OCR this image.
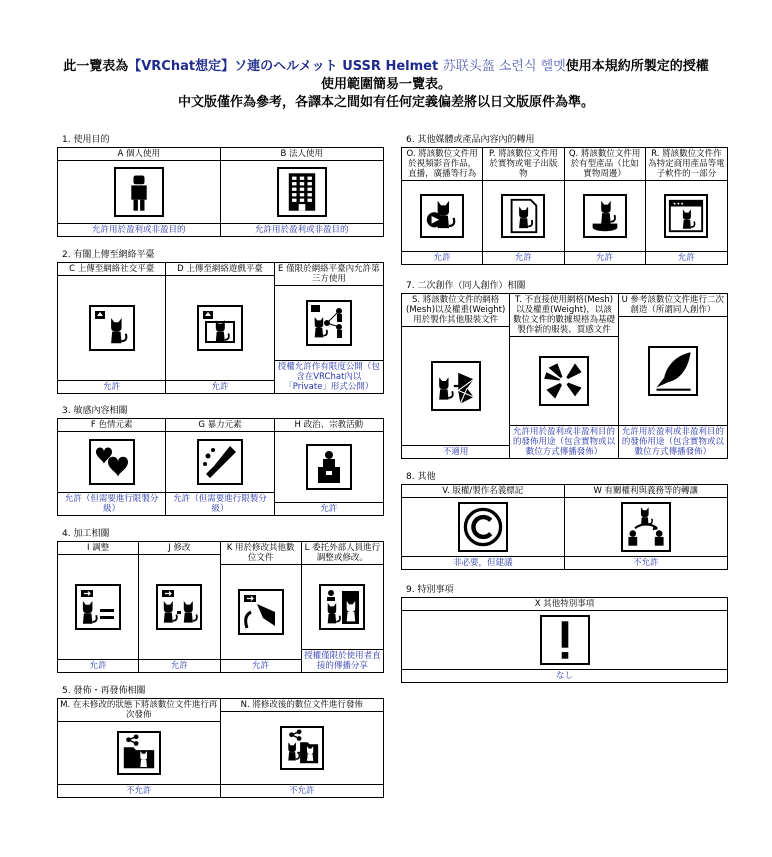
此一覽表為【VRChat想定】ソ連のヘルメット USSR Helmet 苏联头盔 소련식 헬멧使用本規約所製定的授權
使用範圍簡易一覽表。
中文版僅作為參考，各譯本之間如有任何定義偏差將以日文版原件為準。
1. 使用目的
A 個人使用
允許用於盈利或非盈目的
B 法人使用
允許用於盈利或非盈目的
2. 有關上傳至網絡平臺
C 上傳至網絡社交平臺
允許
D 上傳至網絡遊戲平臺
允許
E 僅限於網絡平臺內允許第三方使用
授權允許作有限度公開（包含在VRChat內以「Private」形式公開）
3. 敏感內容相關
F 色情元素
允許（但需要進行限製分級）
G 暴力元素
允許（但需要進行限製分級）
H 政治、宗教活動
允許
4. 加工相關
I 調整
允許
J 修改
允許
K 用於修改其他數位文件
允許
L 委托外部人員進行調整或修改。
授權僅限於使用者直接的傳播分享
5. 發佈・再發佈相關
M. 在未修改的狀態下將該數位文件進行再次發佈
不允許
N. 將修改後的數位文件進行發佈
不允許
6. 其他媒體或產品內容內的轉用
O. 將該數位文件用於視頻影音作品，直播，廣播等行為
允許
P. 將該數位文件用於實物或電子出版物
允許
Q. 將該數位文件用於有型產品（比如實物周邊）
允許
R. 將該數位文件作為特定商用產品等電子軟件的一部分
允許
7. 二次創作（同人創作）相關
S. 將該數位文件的網格(Mesh)以及權重(Weight)用於製作其他服裝文件
不適用
T. 不直接使用網格(Mesh)以及權重(Weight)，以該數位文件的數據規格為基礎製作新的服裝、質感文件
允許用於盈利或非盈利目的的發佈用途（包含實物或以數位方式傳播發佈）
U 參考該數位文件進行二次創造（所謂同人創作）
允許用於盈利或非盈利目的的發佈用途（包含實物或以數位方式傳播發佈）
8. 其他
V. 版權/製作名義標記
非必要，但建議
W 有關權利與義務等的轉讓
不允許
9. 特別事項
X 其他特別事項
なし
